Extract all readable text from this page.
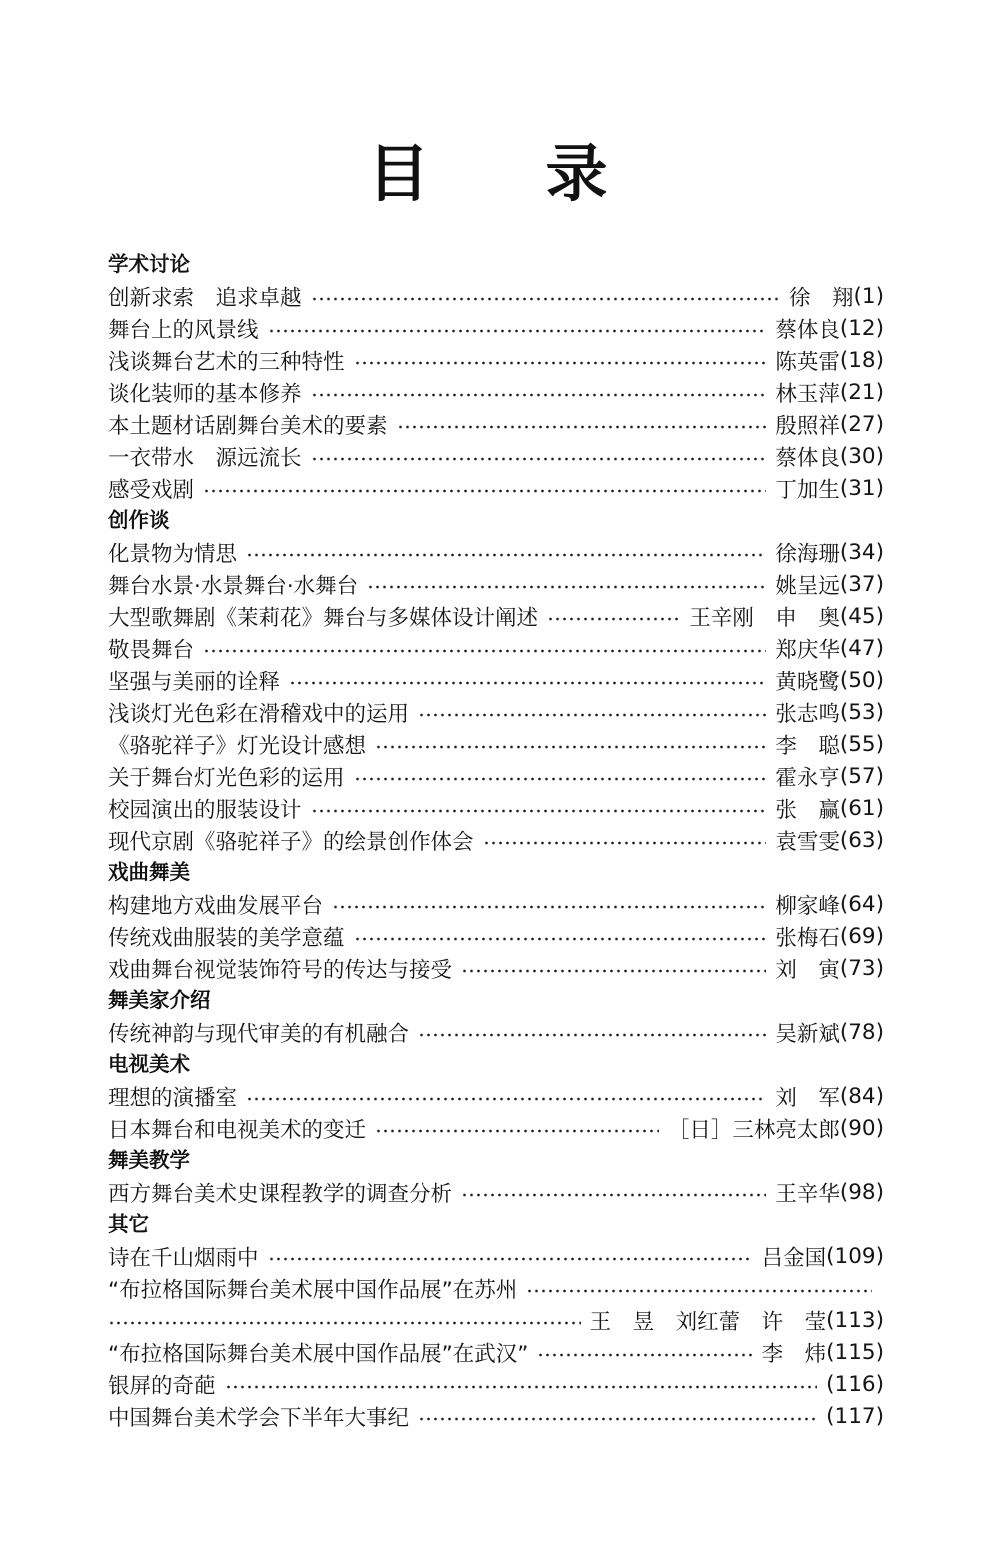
目　录
学术讨论
创新求索　追求卓越	徐　翔 (1)
舞台上的风景线	蔡体良 (12)
浅谈舞台艺术的三种特性	陈英雷 (18)
谈化装师的基本修养	林玉萍 (21)
本土题材话剧舞台美术的要素	殷照祥 (27)
一衣带水　源远流长	蔡体良 (30)
感受戏剧	丁加生 (31)
创作谈
化景物为情思	徐海珊 (34)
舞台水景·水景舞台·水舞台	姚呈远 (37)
大型歌舞剧《茉莉花》舞台与多媒体设计阐述	王辛刚　申　奥 (45)
敬畏舞台	郑庆华 (47)
坚强与美丽的诠释	黄晓鹭 (50)
浅谈灯光色彩在滑稽戏中的运用	张志鸣 (53)
《骆驼祥子》灯光设计感想	李　聪 (55)
关于舞台灯光色彩的运用	霍永亨 (57)
校园演出的服装设计	张　赢 (61)
现代京剧《骆驼祥子》的绘景创作体会	袁雪雯 (63)
戏曲舞美
构建地方戏曲发展平台	柳家峰 (64)
传统戏曲服装的美学意蕴	张梅石 (69)
戏曲舞台视觉装饰符号的传达与接受	刘　寅 (73)
舞美家介绍
传统神韵与现代审美的有机融合	吴新斌 (78)
电视美术
理想的演播室	刘　军 (84)
日本舞台和电视美术的变迁	［日］三林亮太郎 (90)
舞美教学
西方舞台美术史课程教学的调查分析	王辛华 (98)
其它
诗在千山烟雨中	吕金国 (109)
“布拉格国际舞台美术展中国作品展”在苏州
王　昱　刘红蕾　许　莹 (113)
“布拉格国际舞台美术展中国作品展”在武汉”	李　炜 (115)
银屏的奇葩	(116)
中国舞台美术学会下半年大事纪	(117)
